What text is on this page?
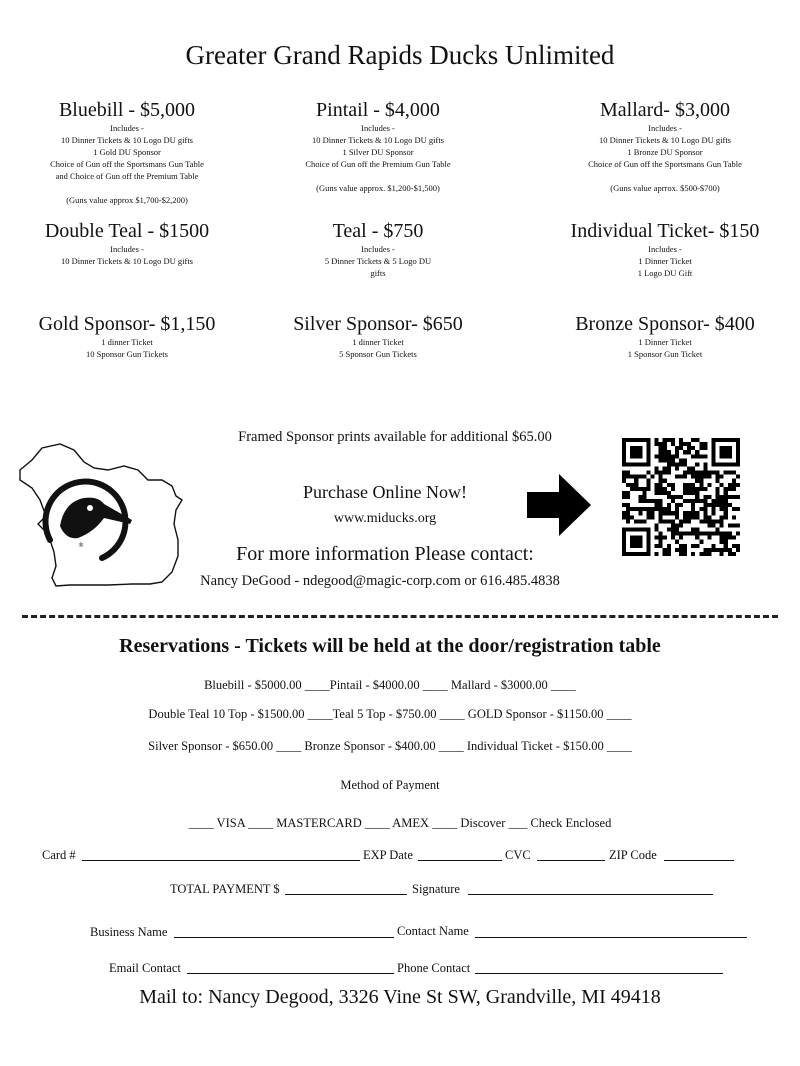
Greater Grand Rapids Ducks Unlimited
Bluebill - $5,000
Includes -
10 Dinner Tickets & 10 Logo DU gifts
1 Gold DU Sponsor
Choice of Gun off the Sportsmans Gun Table
and Choice of Gun off the Premium Table
(Guns value approx $1,700-$2,200)
Pintail - $4,000
Includes -
10 Dinner Tickets & 10 Logo DU gifts
1 Silver DU Sponsor
Choice of Gun off the Premium Gun Table
(Guns value approx. $1,200-$1,500)
Mallard- $3,000
Includes -
10 Dinner Tickets & 10 Logo DU gifts
1 Bronze DU Sponsor
Choice of Gun off the Sportsmans Gun Table
(Guns value aprrox. $500-$700)
Double Teal - $1500
Includes -
10 Dinner Tickets & 10 Logo DU gifts
Teal - $750
Includes -
5 Dinner Tickets & 5 Logo DU
gifts
Individual Ticket- $150
Includes -
1 Dinner Ticket
1 Logo DU Gift
Gold Sponsor- $1,150
1 dinner Ticket
10 Sponsor Gun Tickets
Silver Sponsor- $650
1 dinner Ticket
5 Sponsor Gun Tickets
Bronze Sponsor- $400
1 Dinner Ticket
1 Sponsor Gun Ticket
Framed Sponsor prints available for additional $65.00
®
Purchase Online Now!
www.miducks.org
For more information Please contact:
Nancy DeGood - ndegood@magic-corp.com or 616.485.4838
Reservations - Tickets will be held at the door/registration table
Bluebill - $5000.00 ____Pintail - $4000.00 ____ Mallard - $3000.00 ____
Double Teal 10 Top - $1500.00 ____Teal 5 Top - $750.00 ____ GOLD Sponsor - $1150.00 ____
Silver Sponsor - $650.00 ____ Bronze Sponsor - $400.00 ____ Individual Ticket - $150.00 ____
Method of Payment
____ VISA ____ MASTERCARD ____ AMEX ____ Discover ___ Check Enclosed
Card #	EXP Date	CVC	ZIP Code
TOTAL PAYMENT $	Signature
Business Name	Contact Name
Email Contact	Phone Contact
Mail to: Nancy Degood, 3326 Vine St SW, Grandville, MI 49418
